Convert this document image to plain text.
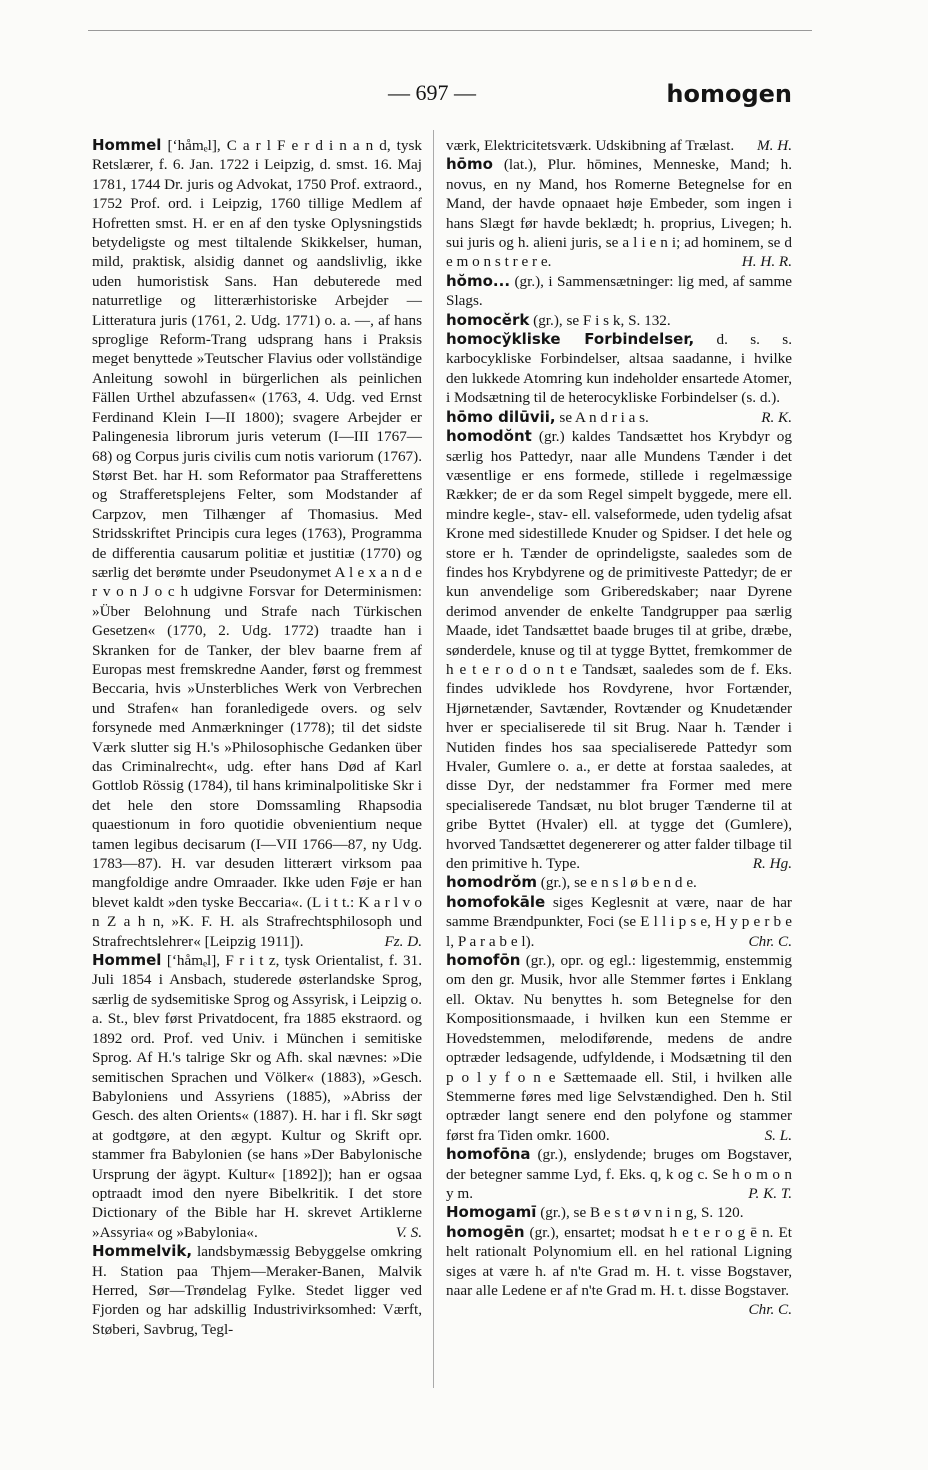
— 697 —	homogen

Hommel [ʻhåmₑl], C a r l F e r d i n a n d, tysk Retslærer, f. 6. Jan. 1722 i Leipzig, d. smst. 16. Maj 1781, 1744 Dr. juris og Advokat, 1750 Prof. extraord., 1752 Prof. ord. i Leipzig, 1760 tillige Medlem af Hofretten smst. H. er en af den tyske Oplysningstids betydeligste og mest tiltalende Skikkelser, human, mild, praktisk, alsidig dannet og aandslivlig, ikke uden humoristisk Sans. Han debuterede med naturretlige og litterærhistoriske Arbejder — Litteratura juris (1761, 2. Udg. 1771) o. a. —, af hans sproglige Reform-Trang udsprang hans i Praksis meget benyttede »Teutscher Flavius oder vollständige Anleitung sowohl in bürgerlichen als peinlichen Fällen Urthel abzufassen« (1763, 4. Udg. ved Ernst Ferdinand Klein I—II 1800); svagere Arbejder er Palingenesia librorum juris veterum (I—III 1767—68) og Corpus juris civilis cum notis variorum (1767). Størst Bet. har H. som Reformator paa Strafferettens og Strafferetsplejens Felter, som Modstander af Carpzov, men Tilhænger af Thomasius. Med Stridsskriftet Principis cura leges (1763), Programma de differentia causarum politiæ et justitiæ (1770) og særlig det berømte under Pseudonymet A l e x a n d e r v o n J o c h udgivne Forsvar for Determinismen: »Über Belohnung und Strafe nach Türkischen Gesetzen« (1770, 2. Udg. 1772) traadte han i Skranken for de Tanker, der blev baarne frem af Europas mest fremskredne Aander, først og fremmest Beccaria, hvis »Unsterbliches Werk von Verbrechen und Strafen« han foranledigede overs. og selv forsynede med Anmærkninger (1778); til det sidste Værk slutter sig H.'s »Philosophische Gedanken über das Criminalrecht«, udg. efter hans Død af Karl Gottlob Rössig (1784), til hans kriminalpolitiske Skr i det hele den store Domssamling Rhapsodia quaestionum in foro quotidie obvenientium neque tamen legibus decisarum (I—VII 1766—87, ny Udg. 1783—87). H. var desuden litterært virksom paa mangfoldige andre Omraader. Ikke uden Føje er han blevet kaldt »den tyske Beccaria«. (L i t t.: K a r l v o n Z a h n, »K. F. H. als Strafrechtsphilosoph und Strafrechtslehrer« [Leipzig 1911]).	Fz. D.

Hommel [ʻhåmₑl], F r i t z, tysk Orientalist, f. 31. Juli 1854 i Ansbach, studerede østerlandske Sprog, særlig de sydsemitiske Sprog og Assyrisk, i Leipzig o. a. St., blev først Privatdocent, fra 1885 ekstraord. og 1892 ord. Prof. ved Univ. i München i semitiske Sprog. Af H.'s talrige Skr og Afh. skal nævnes: »Die semitischen Sprachen und Völker« (1883), »Gesch. Babyloniens und Assyriens (1885), »Abriss der Gesch. des alten Orients« (1887). H. har i fl. Skr søgt at godtgøre, at den ægypt. Kultur og Skrift opr. stammer fra Babylonien (se hans »Der Babylonische Ursprung der ägypt. Kultur« [1892]); han er ogsaa optraadt imod den nyere Bibelkritik. I det store Dictionary of the Bible har H. skrevet Artiklerne »Assyria« og »Babylonia«.	V. S.

Hommelvik, landsbymæssig Bebyggelse omkring H. Station paa Thjem—Meraker-Banen, Malvik Herred, Sør—Trøndelag Fylke. Stedet ligger ved Fjorden og har adskillig Industrivirksomhed: Værft, Støberi, Savbrug, Tegl-

værk, Elektricitetsværk. Udskibning af Trælast.	M. H.

hōmo (lat.), Plur. hōmines, Menneske, Mand; h. novus, en ny Mand, hos Romerne Betegnelse for en Mand, der havde opnaaet høje Embeder, som ingen i hans Slægt før havde beklædt; h. proprius, Livegen; h. sui juris og h. alieni juris, se a l i e n i; ad hominem, se d e m o n s t r e r e.	H. H. R.

hŏmo... (gr.), i Sammensætninger: lig med, af samme Slags.

homocĕrk (gr.), se F i s k, S. 132.

homocўkliske Forbindelser, d. s. s. karbocykliske Forbindelser, altsaa saadanne, i hvilke den lukkede Atomring kun indeholder ensartede Atomer, i Modsætning til de heterocykliske Forbindelser (s. d.).
R. K.

hōmo dilūvii, se A n d r i a s.

homodŏnt (gr.) kaldes Tandsættet hos Krybdyr og særlig hos Pattedyr, naar alle Mundens Tænder i det væsentlige er ens formede, stillede i regelmæssige Rækker; de er da som Regel simpelt byggede, mere ell. mindre kegle-, stav- ell. valseformede, uden tydelig afsat Krone med sidestillede Knuder og Spidser. I det hele og store er h. Tænder de oprindeligste, saaledes som de findes hos Krybdyrene og de primitiveste Pattedyr; de er kun anvendelige som Griberedskaber; naar Dyrene derimod anvender de enkelte Tandgrupper paa særlig Maade, idet Tandsættet baade bruges til at gribe, dræbe, sønderdele, knuse og til at tygge Byttet, fremkommer de h e t e r o d o n t e Tandsæt, saaledes som de f. Eks. findes udviklede hos Rovdyrene, hvor Fortænder, Hjørnetænder, Savtænder, Rovtænder og Knudetænder hver er specialiserede til sit Brug. Naar h. Tænder i Nutiden findes hos saa specialiserede Pattedyr som Hvaler, Gumlere o. a., er dette at forstaa saaledes, at disse Dyr, der nedstammer fra Former med mere specialiserede Tandsæt, nu blot bruger Tænderne til at gribe Byttet (Hvaler) ell. at tygge det (Gumlere), hvorved Tandsættet degenererer og atter falder tilbage til den primitive h. Type.	R. Hg.

homodrŏm (gr.), se e n s l ø b e n d e.

homofokāle siges Keglesnit at være, naar de har samme Brændpunkter, Foci (se E l l i p s e, H y p e r b e l, P a r a b e l).	Chr. C.

homofōn (gr.), opr. og egl.: ligestemmig, enstemmig om den gr. Musik, hvor alle Stemmer førtes i Enklang ell. Oktav. Nu benyttes h. som Betegnelse for den Kompositionsmaade, i hvilken kun een Stemme er Hovedstemmen, melodiførende, medens de andre optræder ledsagende, udfyldende, i Modsætning til den p o l y f o n e Sættemaade ell. Stil, i hvilken alle Stemmerne føres med lige Selvstændighed. Den h. Stil optræder langt senere end den polyfone og stammer først fra Tiden omkr. 1600.	S. L.

homofōna (gr.), enslydende; bruges om Bogstaver, der betegner samme Lyd, f. Eks. q, k og c. Se h o m o n y m.	P. K. T.

Homogamī (gr.), se B e s t ø v n i n g, S. 120.

homogēn (gr.), ensartet; modsat h e t e r o g ē n. Et helt rationalt Polynomium ell. en hel rational Ligning siges at være h. af n'te Grad m. H. t. visse Bogstaver, naar alle Ledene er af n'te Grad m. H. t. disse Bogstaver.
Chr. C.
